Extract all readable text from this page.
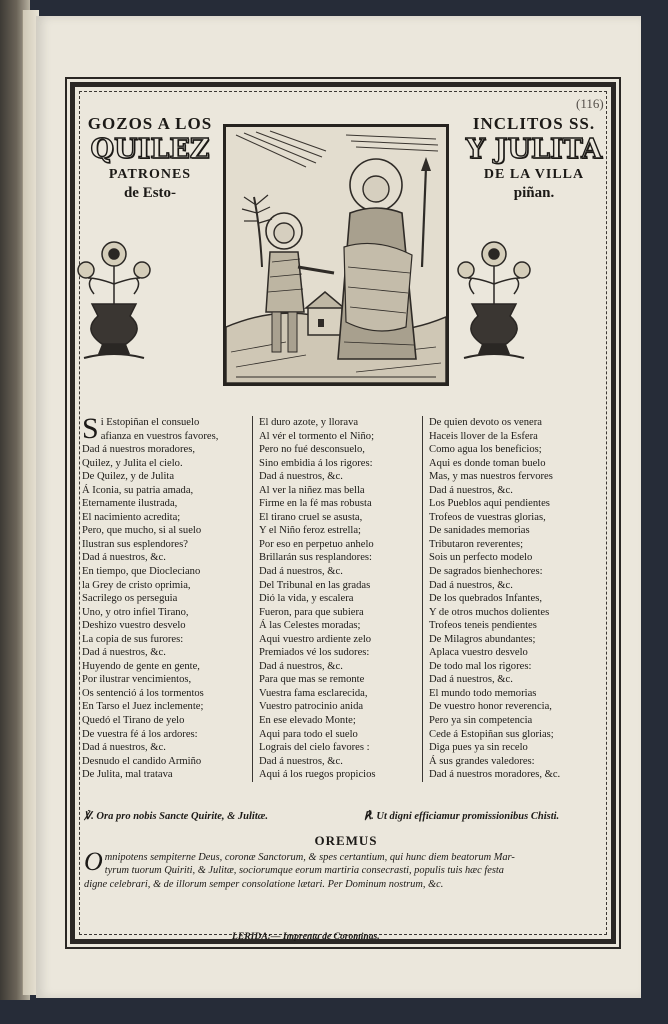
(116)
GOZOS A LOS
QUILEZ
PATRONES
de Esto-
INCLITOS SS.
Y JULITA
DE LA VILLA
piñan.
Si Estopiñan el consuelo
afianza en vuestros favores,
Dad á nuestros moradores,
Quilez, y Julita el cielo.
De Quilez, y de Julita
Á Iconia, su patria amada,
Eternamente ilustrada,
El nacimiento acredita;
Pero, que mucho, si al suelo
Ilustran sus esplendores?
Dad á nuestros, &c.
En tiempo, que Diocleciano
la Grey de cristo oprimia,
Sacrilego os perseguia
Uno, y otro infiel Tirano,
Deshizo vuestro desvelo
La copia de sus furores:
Dad á nuestros, &c.
Huyendo de gente en gente,
Por ilustrar vencimientos,
Os sentenció á los tormentos
En Tarso el Juez inclemente;
Quedó el Tirano de yelo
De vuestra fé á los ardores:
Dad á nuestros, &c.
Desnudo el candido Armiño
De Julita, mal tratava
El duro azote, y llorava
Al vér el tormento el Niño;
Pero no fué desconsuelo,
Sino embidia á los rigores:
Dad á nuestros, &c.
Al ver la niñez mas bella
Firme en la fé mas robusta
El tirano cruel se asusta,
Y el Niño feroz estrella;
Por eso en perpetuo anhelo
Brillarán sus resplandores:
Dad á nuestros, &c.
Del Tribunal en las gradas
Dió la vida, y escalera
Fueron, para que subiera
Á las Celestes moradas;
Aqui vuestro ardiente zelo
Premiados vé los sudores:
Dad á nuestros, &c.
Para que mas se remonte
Vuestra fama esclarecida,
Vuestro patrocinio anida
En ese elevado Monte;
Aqui para todo el suelo
Lograis del cielo favores :
Dad á nuestros, &c.
Aqui á los ruegos propicios
De quien devoto os venera
Haceis llover de la Esfera
Como agua los beneficios;
Aqui es donde toman buelo
Mas, y mas nuestros fervores
Dad á nuestros, &c.
Los Pueblos aqui pendientes
Trofeos de vuestras glorias,
De sanidades memorias
Tributaron reverentes;
Sois un perfecto modelo
De sagrados bienhechores:
Dad á nuestros, &c.
De los quebrados Infantes,
Y de otros muchos dolientes
Trofeos teneis pendientes
De Milagros abundantes;
Aplaca vuestro desvelo
De todo mal los rigores:
Dad á nuestros, &c.
El mundo todo memorias
De vuestro honor reverencia,
Pero ya sin competencia
Cede á Estopiñan sus glorias;
Diga pues ya sin recelo
Á sus grandes valedores:
Dad á nuestros moradores, &c.
℣. Ora pro nobis Sancte Quirite, & Julitæ.	℟. Ut digni efficiamur promissionibus Chisti.
OREMUS
O mnipotens sempiterne Deus, coronæ Sanctorum, & spes certantium, qui hunc diem beatorum Mar-
tyrum tuorum Quiriti, & Julitæ, sociorumque eorum martiria consecrasti, populis tuis hæc festa
digne celebrari, & de illorum semper consolatione lætari. Per Dominum nostrum, &c.
LERIDA:— Imprenta de Corominas.
